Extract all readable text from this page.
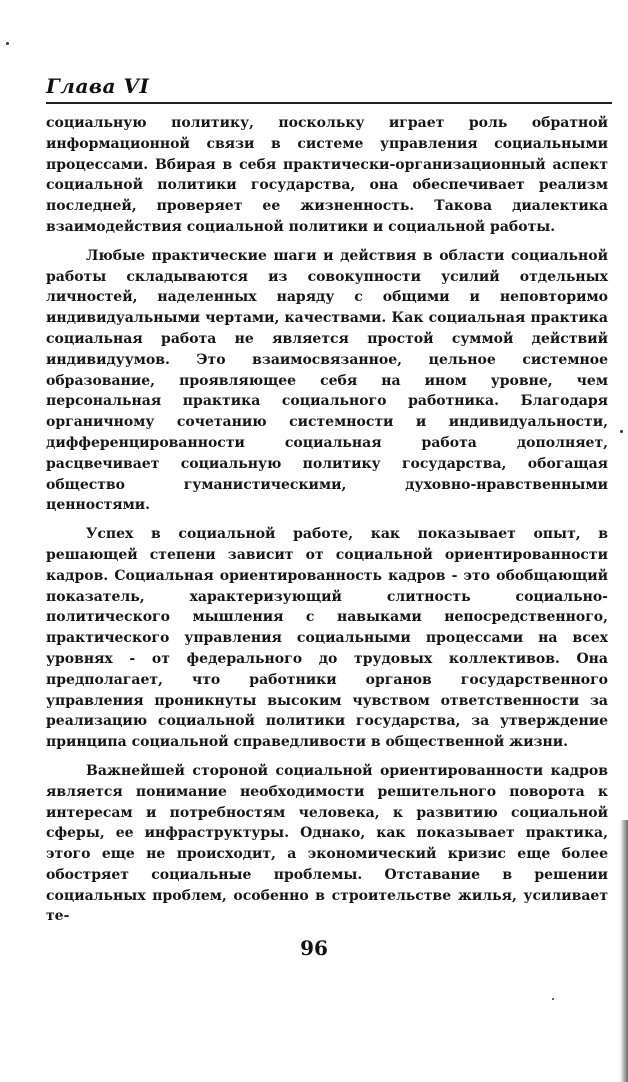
Глава VI

социальную политику, поскольку играет роль обратной информационной связи в системе управления социальными процессами. Вбирая в себя практически-организационный аспект социальной политики государства, она обеспечивает реализм последней, проверяет ее жизненность. Такова диалектика взаимодействия социальной политики и социальной работы.

Любые практические шаги и действия в области социальной работы складываются из совокупности усилий отдельных личностей, наделенных наряду с общими и неповторимо индивидуальными чертами, качествами. Как социальная практика социальная работа не является простой суммой действий индивидуумов. Это взаимосвязанное, цельное системное образование, проявляющее себя на ином уровне, чем персональная практика социального работника. Благодаря органичному сочетанию системности и индивидуальности, дифференцированности социальная работа дополняет, расцвечивает социальную политику государства, обогащая общество гуманистическими, духовно-нравственными ценностями.

Успех в социальной работе, как показывает опыт, в решающей степени зависит от социальной ориентированности кадров. Социальная ориентированность кадров - это обобщающий показатель, характеризующий слитность социально-политического мышления с навыками непосредственного, практического управления социальными процессами на всех уровнях - от федерального до трудовых коллективов. Она предполагает, что работники органов государственного управления проникнуты высоким чувством ответственности за реализацию социальной политики государства, за утверждение принципа социальной справедливости в общественной жизни.

Важнейшей стороной социальной ориентированности кадров является понимание необходимости решительного поворота к интересам и потребностям человека, к развитию социальной сферы, ее инфраструктуры. Однако, как показывает практика, этого еще не происходит, а экономический кризис еще более обостряет социальные проблемы. Отставание в решении социальных проблем, особенно в строительстве жилья, усиливает те-

96
